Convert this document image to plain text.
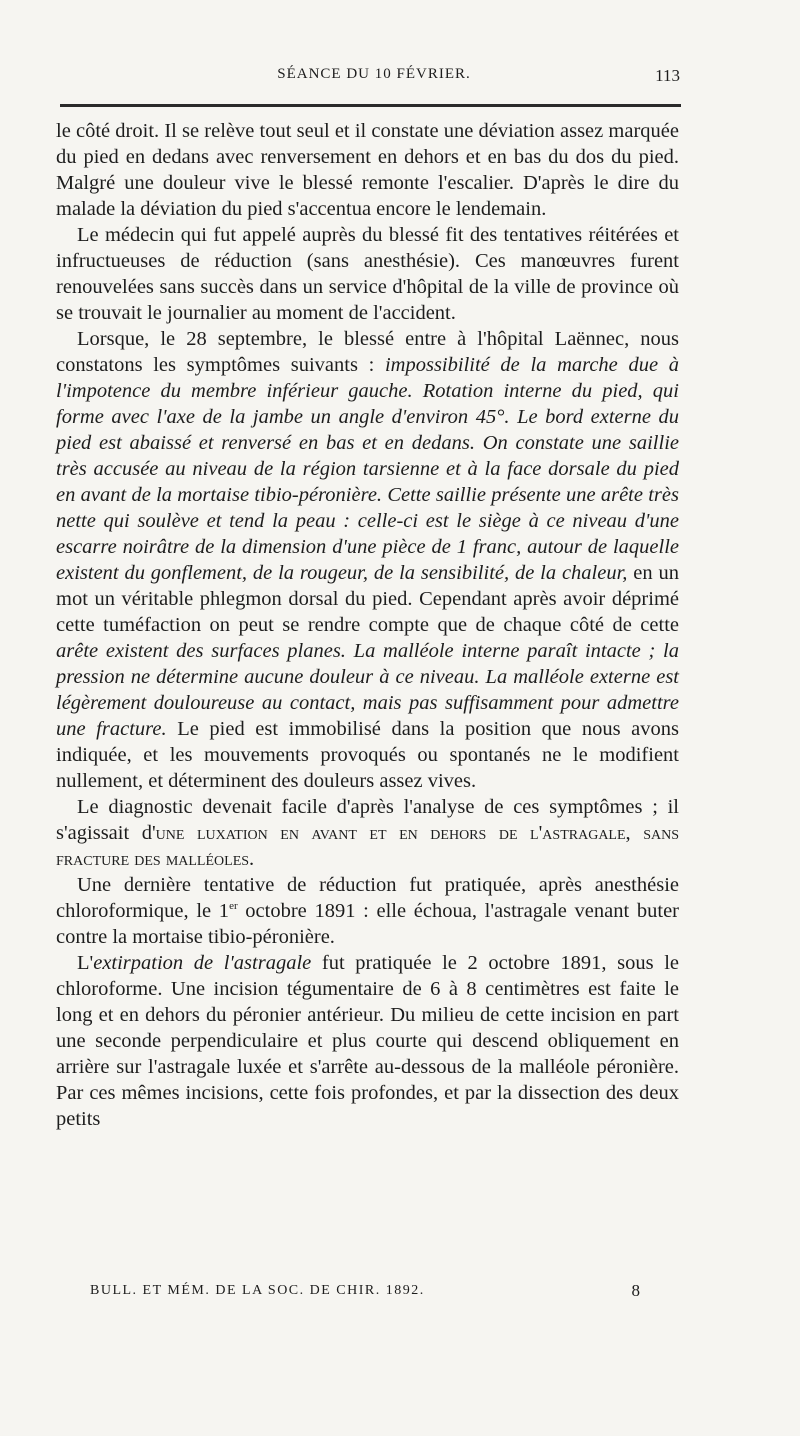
SÉANCE DU 10 FÉVRIER.	113

le côté droit. Il se relève tout seul et il constate une déviation assez marquée du pied en dedans avec renversement en dehors et en bas du dos du pied. Malgré une douleur vive le blessé remonte l'escalier. D'après le dire du malade la déviation du pied s'accentua encore le lendemain.

Le médecin qui fut appelé auprès du blessé fit des tentatives réitérées et infructueuses de réduction (sans anesthésie). Ces manœuvres furent renouvelées sans succès dans un service d'hôpital de la ville de province où se trouvait le journalier au moment de l'accident.

Lorsque, le 28 septembre, le blessé entre à l'hôpital Laënnec, nous constatons les symptômes suivants : impossibilité de la marche due à l'impotence du membre inférieur gauche. Rotation interne du pied, qui forme avec l'axe de la jambe un angle d'environ 45°. Le bord externe du pied est abaissé et renversé en bas et en dedans. On constate une saillie très accusée au niveau de la région tarsienne et à la face dorsale du pied en avant de la mortaise tibio-péronière. Cette saillie présente une arête très nette qui soulève et tend la peau : celle-ci est le siège à ce niveau d'une escarre noirâtre de la dimension d'une pièce de 1 franc, autour de laquelle existent du gonflement, de la rougeur, de la sensibilité, de la chaleur, en un mot un véritable phlegmon dorsal du pied. Cependant après avoir déprimé cette tuméfaction on peut se rendre compte que de chaque côté de cette arête existent des surfaces planes. La malléole interne paraît intacte ; la pression ne détermine aucune douleur à ce niveau. La malléole externe est légèrement douloureuse au contact, mais pas suffisamment pour admettre une fracture. Le pied est immobilisé dans la position que nous avons indiquée, et les mouvements provoqués ou spontanés ne le modifient nullement, et déterminent des douleurs assez vives.

Le diagnostic devenait facile d'après l'analyse de ces symptômes ; il s'agissait d'une luxation en avant et en dehors de l'astragale, sans fracture des malléoles.

Une dernière tentative de réduction fut pratiquée, après anesthésie chloroformique, le 1er octobre 1891 : elle échoua, l'astragale venant buter contre la mortaise tibio-péronière.

L'extirpation de l'astragale fut pratiquée le 2 octobre 1891, sous le chloroforme. Une incision tégumentaire de 6 à 8 centimètres est faite le long et en dehors du péronier antérieur. Du milieu de cette incision en part une seconde perpendiculaire et plus courte qui descend obliquement en arrière sur l'astragale luxée et s'arrête au-dessous de la malléole péronière. Par ces mêmes incisions, cette fois profondes, et par la dissection des deux petits

BULL. ET MÉM. DE LA SOC. DE CHIR. 1892.	8
